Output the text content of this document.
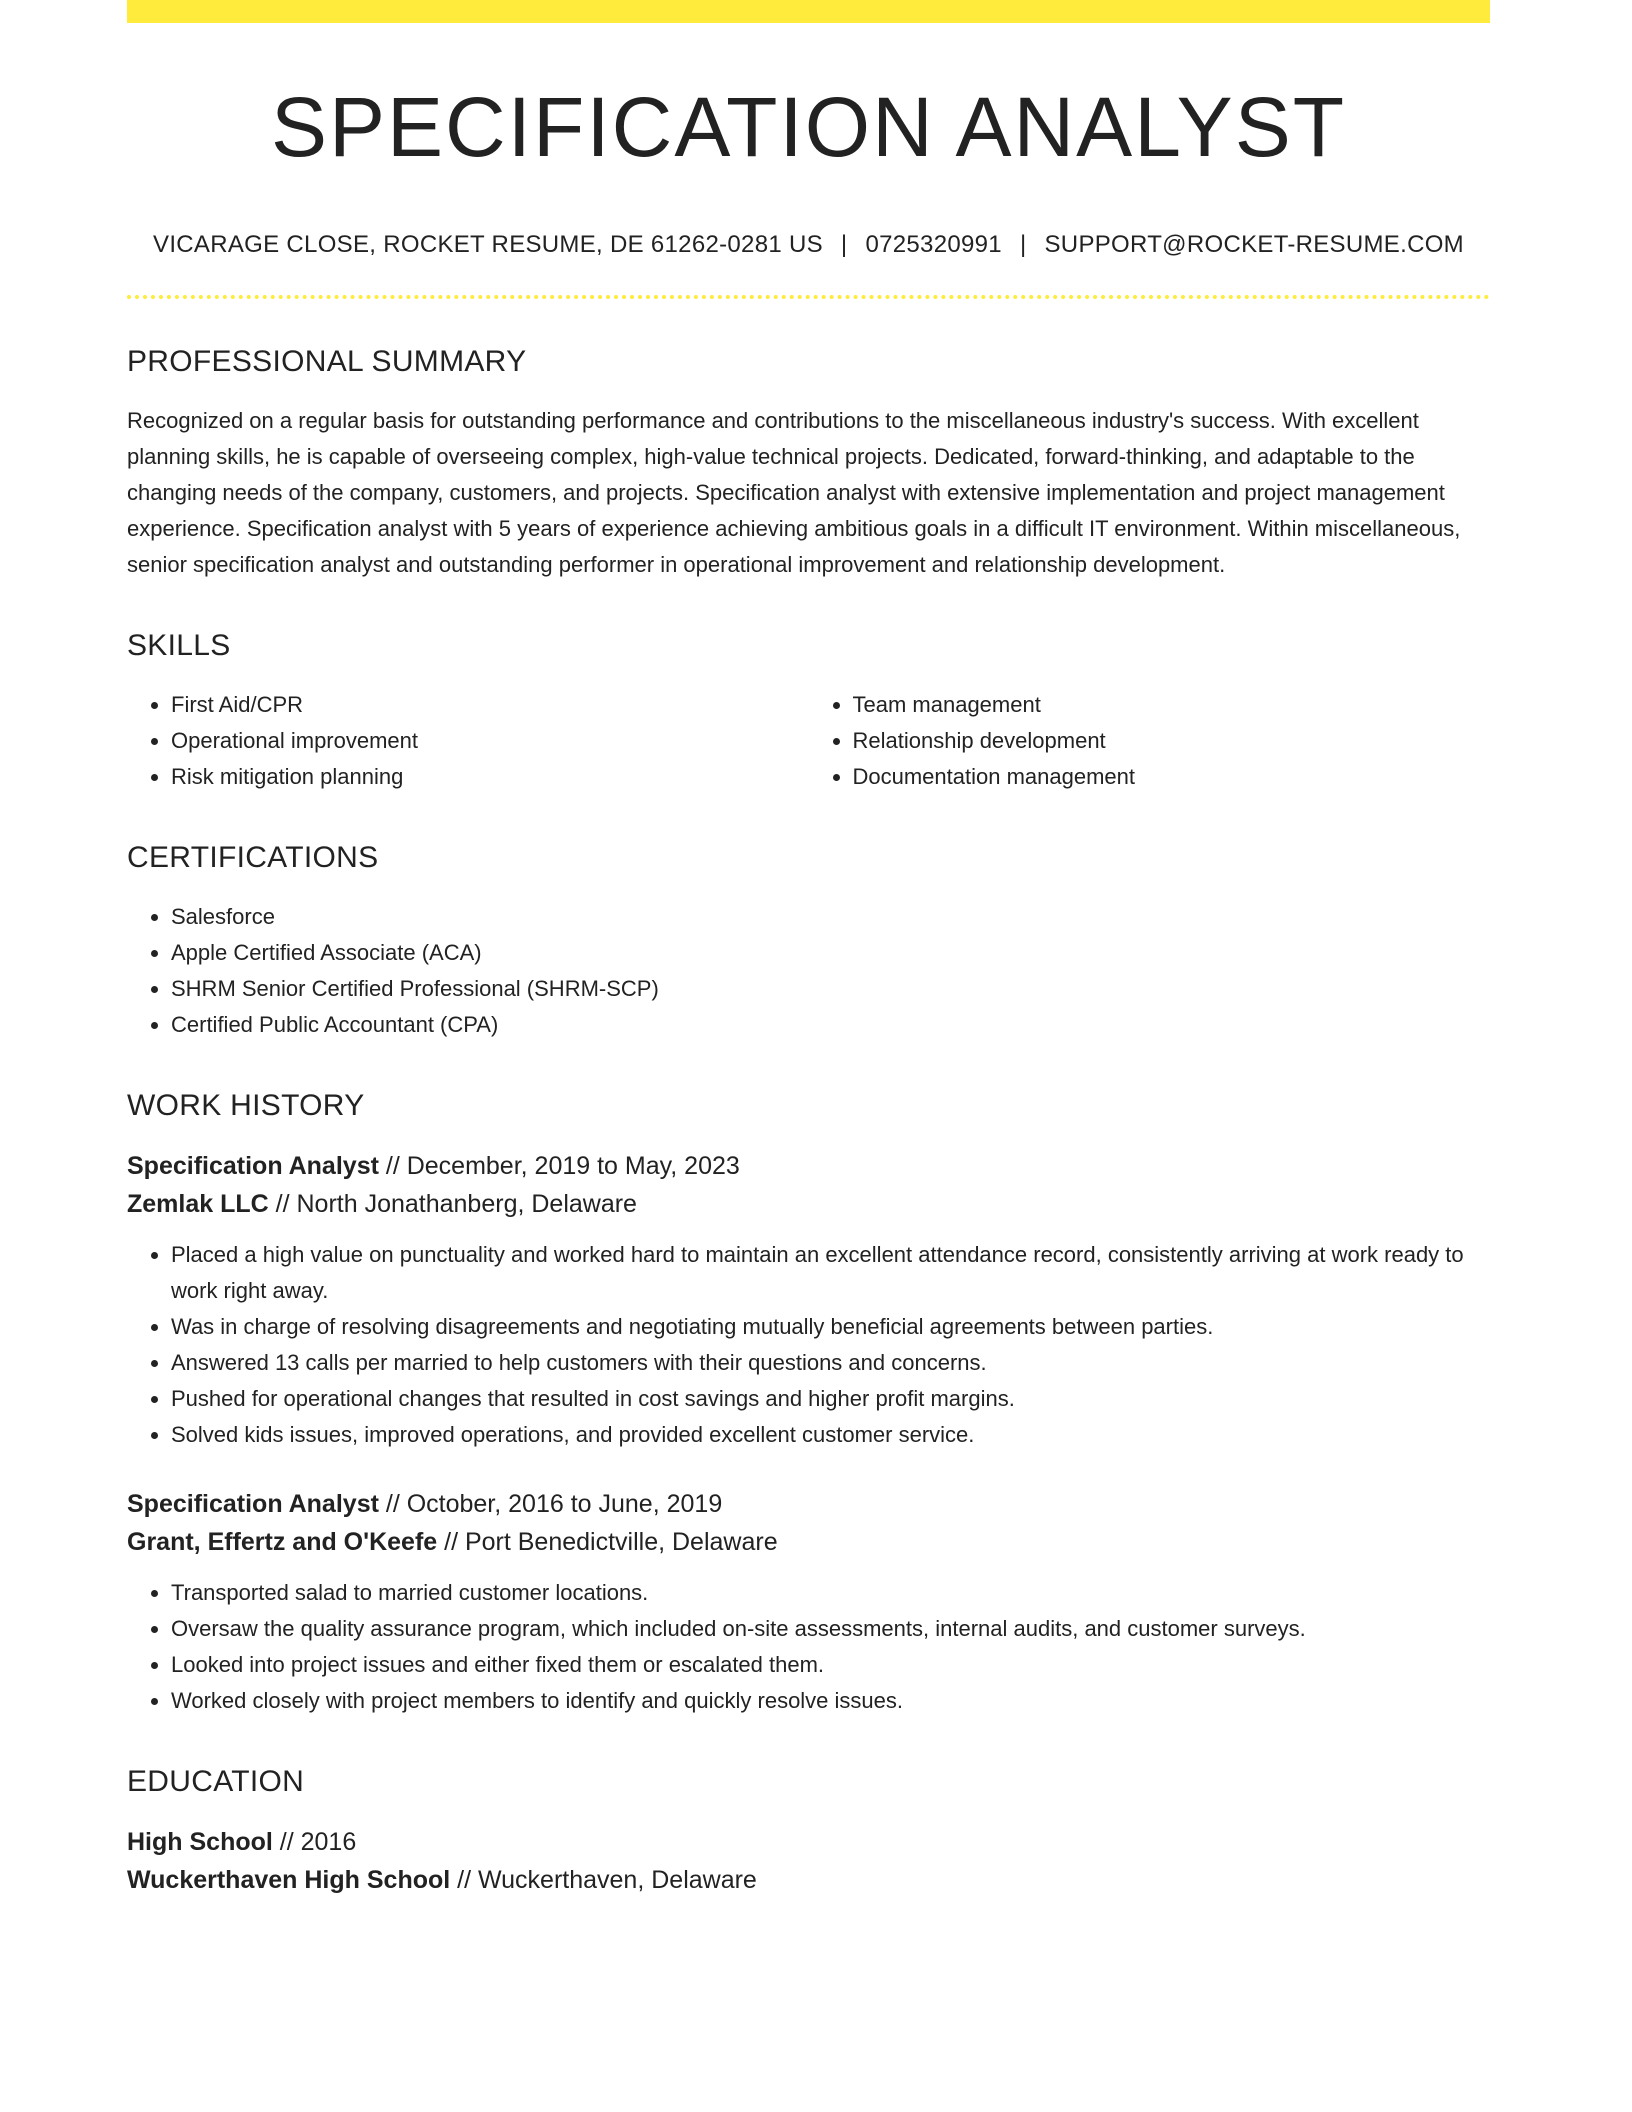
SPECIFICATION ANALYST
VICARAGE CLOSE, ROCKET RESUME, DE 61262-0281 US | 0725320991 | SUPPORT@ROCKET-RESUME.COM
PROFESSIONAL SUMMARY

Recognized on a regular basis for outstanding performance and contributions to the miscellaneous industry's success. With excellent planning skills, he is capable of overseeing complex, high-value technical projects. Dedicated, forward-thinking, and adaptable to the changing needs of the company, customers, and projects. Specification analyst with extensive implementation and project management experience. Specification analyst with 5 years of experience achieving ambitious goals in a difficult IT environment. Within miscellaneous, senior specification analyst and outstanding performer in operational improvement and relationship development.

SKILLS
• First Aid/CPR
• Operational improvement
• Risk mitigation planning
• Team management
• Relationship development
• Documentation management
CERTIFICATIONS
• Salesforce
• Apple Certified Associate (ACA)
• SHRM Senior Certified Professional (SHRM-SCP)
• Certified Public Accountant (CPA)
WORK HISTORY
Specification Analyst // December, 2019 to May, 2023
Zemlak LLC // North Jonathanberg, Delaware
• Placed a high value on punctuality and worked hard to maintain an excellent attendance record, consistently arriving at work ready to work right away.
• Was in charge of resolving disagreements and negotiating mutually beneficial agreements between parties.
• Answered 13 calls per married to help customers with their questions and concerns.
• Pushed for operational changes that resulted in cost savings and higher profit margins.
• Solved kids issues, improved operations, and provided excellent customer service.
Specification Analyst // October, 2016 to June, 2019
Grant, Effertz and O'Keefe // Port Benedictville, Delaware
• Transported salad to married customer locations.
• Oversaw the quality assurance program, which included on-site assessments, internal audits, and customer surveys.
• Looked into project issues and either fixed them or escalated them.
• Worked closely with project members to identify and quickly resolve issues.
EDUCATION
High School // 2016
Wuckerthaven High School // Wuckerthaven, Delaware
